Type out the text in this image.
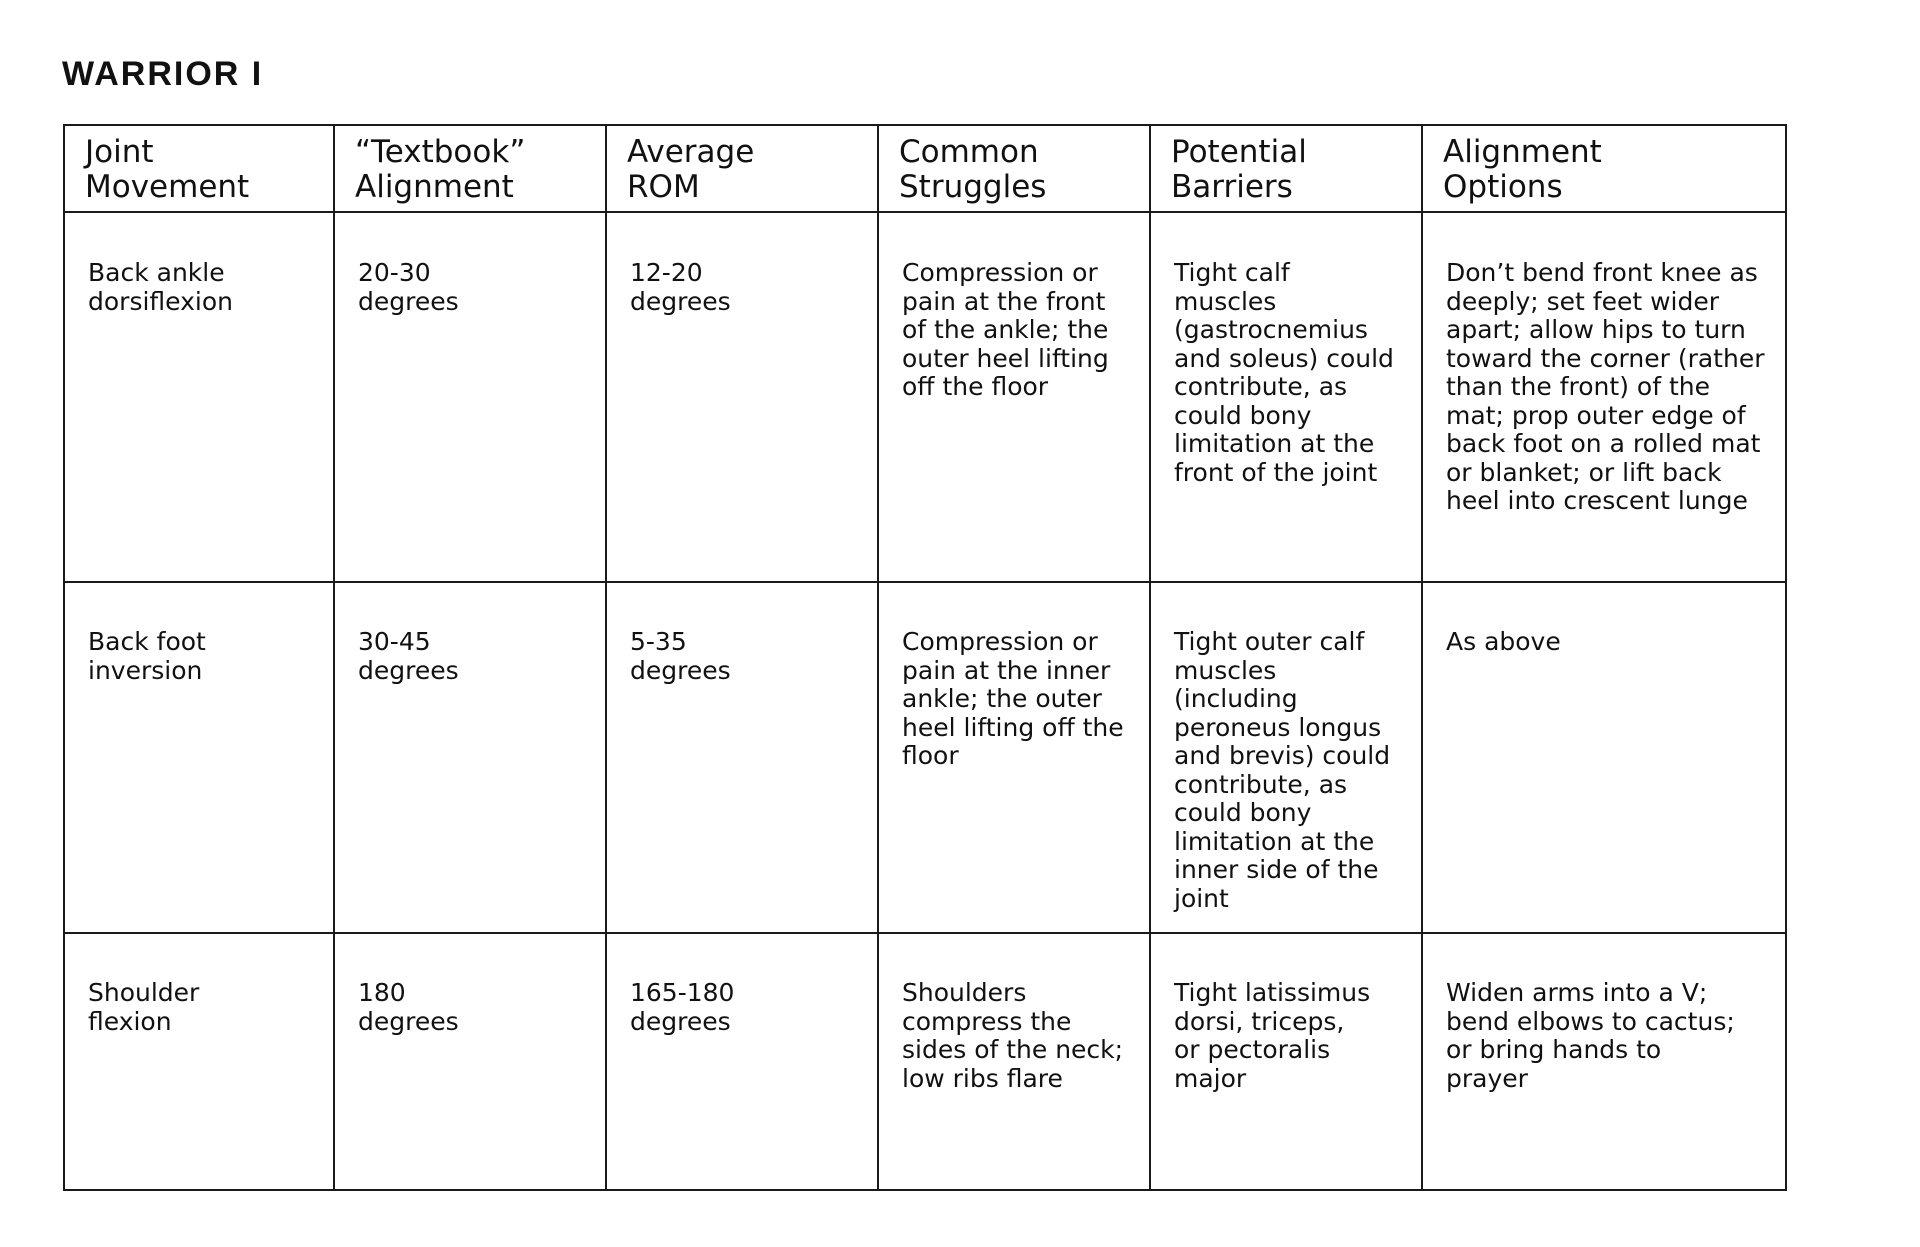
WARRIOR I
Joint Movement	“Textbook” Alignment	Average ROM	Common Struggles	Potential Barriers	Alignment Options

Back ankle dorsiflexion	20-30 degrees	12-20 degrees	Compression or pain at the front of the ankle; the outer heel lifting off the floor	Tight calf muscles (gastrocnemius and soleus) could contribute, as could bony limitation at the front of the joint	Don’t bend front knee as deeply; set feet wider apart; allow hips to turn toward the corner (rather than the front) of the mat; prop outer edge of back foot on a rolled mat or blanket; or lift back heel into crescent lunge

Back foot inversion	30-45 degrees	5-35 degrees	Compression or pain at the inner ankle; the outer heel lifting off the floor	Tight outer calf muscles (including peroneus longus and brevis) could contribute, as could bony limitation at the inner side of the joint	As above

Shoulder flexion	180 degrees	165-180 degrees	Shoulders compress the sides of the neck; low ribs flare	Tight latissimus dorsi, triceps, or pectoralis major	Widen arms into a V; bend elbows to cactus; or bring hands to prayer
